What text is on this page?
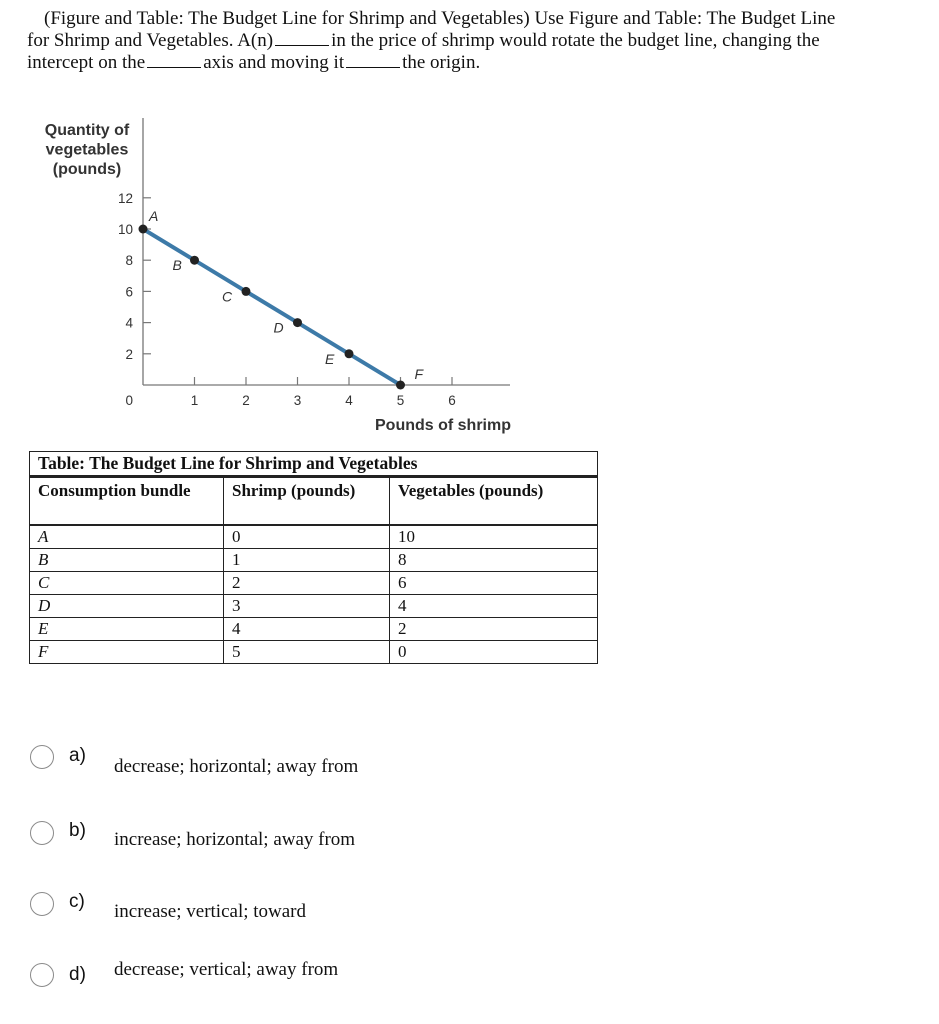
(Figure and Table: The Budget Line for Shrimp and Vegetables) Use Figure and Table: The Budget Line
for Shrimp and Vegetables. A(n)	in the price of shrimp would rotate the budget line, changing the
intercept on the	axis and moving it	the origin.
Quantity of
vegetables
(pounds)
0
2
4
6
8
10
12
1	2	3	4	5	6
A
B
C
D
E
F
Pounds of shrimp
Table: The Budget Line for Shrimp and Vegetables
Consumption bundle	Shrimp (pounds)	Vegetables (pounds)
A	0	10
B	1	8
C	2	6
D	3	4
E	4	2
F	5	0
a)
decrease; horizontal; away from
b) increase; horizontal; away from
c) increase; vertical; toward
d) decrease; vertical; away from
